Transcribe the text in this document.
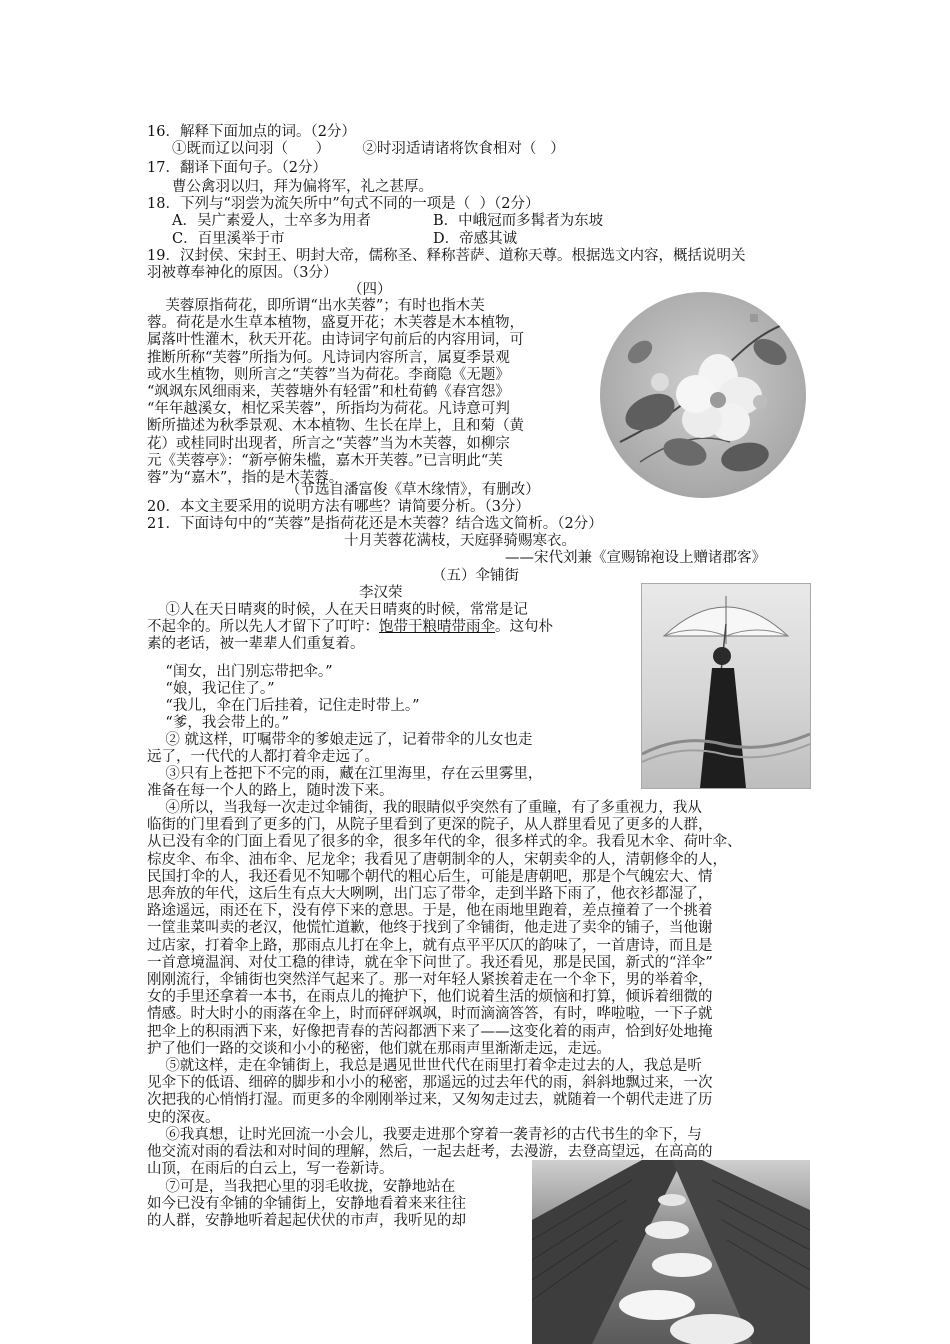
16．解释下面加点的词。（2分）
①既而辽以问羽（      ）       ②时羽适请诸将饮食相对（   ）
17．翻译下面句子。（2分）
曹公禽羽以归，拜为偏将军，礼之甚厚。
18．下列与“羽尝为流矢所中”句式不同的一项是（  ）（2分）
A．吴广素爱人，士卒多为用者	B．中峨冠而多髯者为东坡
C．百里溪举于市	D．帝感其诚
19．汉封侯、宋封王、明封大帝，儒称圣、释称菩萨、道称天尊。根据选文内容，概括说明关
羽被尊奉神化的原因。（3分）
（四）
芙蓉原指荷花，即所谓“出水芙蓉”；有时也指木芙
蓉。荷花是水生草本植物，盛夏开花；木芙蓉是木本植物，
属落叶性灌木，秋天开花。由诗词字句前后的内容用词，可
推断所称“芙蓉”所指为何。凡诗词内容所言，属夏季景观
或水生植物，则所言之“芙蓉”当为荷花。李商隐《无题》
“飒飒东风细雨来，芙蓉塘外有轻雷”和杜荀鹤《春宫怨》
“年年越溪女，相忆采芙蓉”，所指均为荷花。凡诗意可判
断所描述为秋季景观、木本植物、生长在岸上，且和菊（黄
花）或桂同时出现者，所言之“芙蓉”当为木芙蓉，如柳宗
元《芙蓉亭》：“新亭俯朱槛，嘉木开芙蓉。”已言明此“芙
蓉”为“嘉木”，指的是木芙蓉。
（节选自潘富俊《草木缘情》，有删改）
20．本文主要采用的说明方法有哪些？请简要分析。（3分）
21．下面诗句中的“芙蓉”是指荷花还是木芙蓉？结合选文简析。（2分）
十月芙蓉花满枝，天庭驿骑赐寒衣。
——宋代刘兼《宣赐锦袍设上赠诸郡客》
（五）伞铺街
李汉荣
①人在天日晴爽的时候，人在天日晴爽的时候，常常是记
不起伞的。所以先人才留下了叮咛：饱带干粮晴带雨伞。这句朴
素的老话，被一辈辈人们重复着。
“闺女，出门别忘带把伞。”
“娘，我记住了。”
“我儿，伞在门后挂着，记住走时带上。”
“爹，我会带上的。”
② 就这样，叮嘱带伞的爹娘走远了，记着带伞的儿女也走
远了，一代代的人都打着伞走远了。
③只有上苍把下不完的雨，藏在江里海里，存在云里雾里，
准备在每一个人的路上，随时泼下来。
④所以，当我每一次走过伞铺街，我的眼睛似乎突然有了重瞳，有了多重视力，我从
临街的门里看到了更多的门，从院子里看到了更深的院子，从人群里看见了更多的人群，
从已没有伞的门面上看见了很多的伞，很多年代的伞，很多样式的伞。我看见木伞、荷叶伞、
棕皮伞、布伞、油布伞、尼龙伞；我看见了唐朝制伞的人，宋朝卖伞的人，清朝修伞的人，
民国打伞的人，我还看见不知哪个朝代的粗心后生，可能是唐朝吧，那是个气魄宏大、情
思奔放的年代，这后生有点大大咧咧，出门忘了带伞，走到半路下雨了，他衣衫都湿了，
路途遥远，雨还在下，没有停下来的意思。于是，他在雨地里跑着，差点撞着了一个挑着
一筐韭菜叫卖的老汉，他慌忙道歉，他终于找到了伞铺街，他走进了卖伞的铺子，当他谢
过店家，打着伞上路，那雨点儿打在伞上，就有点平平仄仄的韵味了，一首唐诗，而且是
一首意境温润、对仗工稳的律诗，就在伞下问世了。我还看见，那是民国，新式的“洋伞”
刚刚流行，伞铺街也突然洋气起来了。那一对年轻人紧挨着走在一个伞下，男的举着伞，
女的手里还拿着一本书，在雨点儿的掩护下，他们说着生活的烦恼和打算，倾诉着细微的
情感。时大时小的雨落在伞上，时而砰砰飒飒，时而滴滴答答，有时，哗啦啦，一下子就
把伞上的积雨洒下来，好像把青春的苦闷都洒下来了——这变化着的雨声，恰到好处地掩
护了他们一路的交谈和小小的秘密，他们就在那雨声里渐渐走远，走远。
⑤就这样，走在伞铺街上，我总是遇见世世代代在雨里打着伞走过去的人，我总是听
见伞下的低语、细碎的脚步和小小的秘密，那遥远的过去年代的雨，斜斜地飘过来，一次
次把我的心悄悄打湿。而更多的伞刚刚举过来，又匆匆走过去，就随着一个朝代走进了历
史的深夜。
⑥我真想，让时光回流一小会儿，我要走进那个穿着一袭青衫的古代书生的伞下，与
他交流对雨的看法和对时间的理解，然后，一起去赶考，去漫游，去登高望远，在高高的
山顶，在雨后的白云上，写一卷新诗。
⑦可是，当我把心里的羽毛收拢，安静地站在
如今已没有伞铺的伞铺街上，安静地看着来来往往
的人群，安静地听着起起伏伏的市声，我听见的却
